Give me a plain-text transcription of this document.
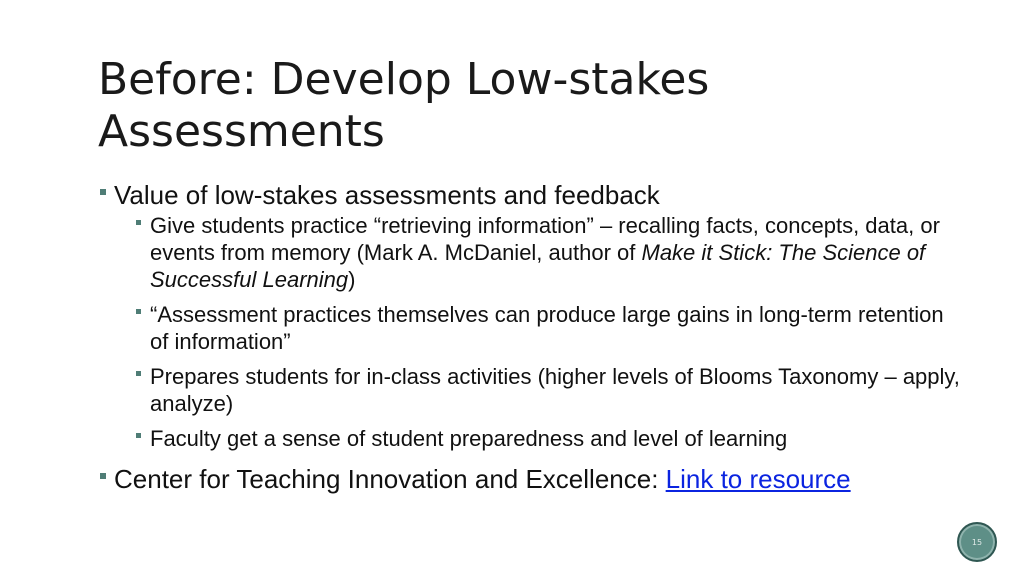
Before: Develop Low-stakes Assessments
Value of low-stakes assessments and feedback
Give students practice “retrieving information” – recalling facts, concepts, data, or events from memory (Mark A. McDaniel, author of Make it Stick: The Science of Successful Learning)
“Assessment practices themselves can produce large gains in long-term retention of information”
Prepares students for in-class activities (higher levels of Blooms Taxonomy – apply, analyze)
Faculty get a sense of student preparedness and level of learning
Center for Teaching Innovation and Excellence: Link to resource
15
